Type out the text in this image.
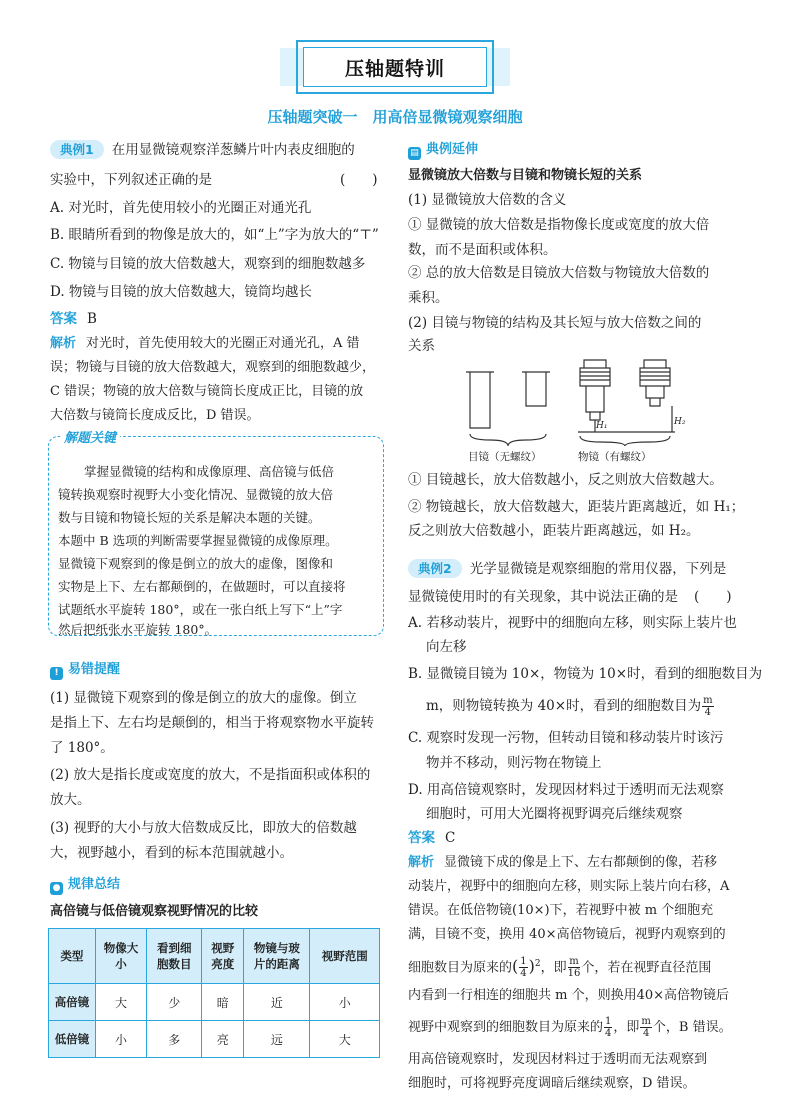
压轴题特训
压轴题突破一　用高倍显微镜观察细胞
典例1 在用显微镜观察洋葱鳞片叶内表皮细胞的
实验中，下列叙述正确的是	(　　)
A. 对光时，首先使用较小的光圈正对通光孔
B. 眼睛所看到的物像是放大的，如“上”字为放大的“⊤”
C. 物镜与目镜的放大倍数越大，观察到的细胞数越多
D. 物镜与目镜的放大倍数越大，镜筒均越长
答案 B
解析 对光时，首先使用较大的光圈正对通光孔，A 错
误；物镜与目镜的放大倍数越大，观察到的细胞数越少，
C 错误；物镜的放大倍数与镜筒长度成正比，目镜的放
大倍数与镜筒长度成反比，D 错误。
解题关键
掌握显微镜的结构和成像原理、高倍镜与低倍
镜转换观察时视野大小变化情况、显微镜的放大倍
数与目镜和物镜长短的关系是解决本题的关键。
本题中 B 选项的判断需要掌握显微镜的成像原理。
显微镜下观察到的像是倒立的放大的虚像，图像和
实物是上下、左右都颠倒的，在做题时，可以直接将
试题纸水平旋转 180°，或在一张白纸上写下“上”字
然后把纸张水平旋转 180°。
! 易错提醒
(1) 显微镜下观察到的像是倒立的放大的虚像。倒立
是指上下、左右均是颠倒的，相当于将观察物水平旋转
了 180°。
(2) 放大是指长度或宽度的放大，不是指面积或体积的
放大。
(3) 视野的大小与放大倍数成反比，即放大的倍数越
大，视野越小，看到的标本范围就越小。
● 规律总结
高倍镜与低倍镜观察视野情况的比较
类型	物像大小	看到细胞数目	视野亮度	物镜与玻片的距离	视野范围
高倍镜	大	少	暗	近	小
低倍镜	小	多	亮	远	大
▤ 典例延伸
显微镜放大倍数与目镜和物镜长短的关系
(1) 显微镜放大倍数的含义
① 显微镜的放大倍数是指物像长度或宽度的放大倍
数，而不是面积或体积。
② 总的放大倍数是目镜放大倍数与物镜放大倍数的
乘积。
(2) 目镜与物镜的结构及其长短与放大倍数之间的
关系
H₁	H₂
目镜（无螺纹）	物镜（有螺纹）
① 目镜越长，放大倍数越小，反之则放大倍数越大。
② 物镜越长，放大倍数越大，距装片距离越近，如 H₁；
反之则放大倍数越小，距装片距离越远，如 H₂。
典例2 光学显微镜是观察细胞的常用仪器，下列是
显微镜使用时的有关现象，其中说法正确的是 (　　)
A. 若移动装片，视野中的细胞向左移，则实际上装片也
向左移
B. 显微镜目镜为 10×，物镜为 10×时，看到的细胞数目为
m，则物镜转换为 40×时，看到的细胞数目为 $\frac{m}{4}$
C. 观察时发现一污物，但转动目镜和移动装片时该污
物并不移动，则污物在物镜上
D. 用高倍镜观察时，发现因材料过于透明而无法观察
细胞时，可用大光圈将视野调亮后继续观察
答案 C
解析 显微镜下成的像是上下、左右都颠倒的像，若移
动装片，视野中的细胞向左移，则实际上装片向右移，A
错误。在低倍物镜(10×)下，若视野中被 m 个细胞充
满，目镜不变，换用 40×高倍物镜后，视野内观察到的
细胞数目为原来的( $\frac{1}{4} )^2$，即 $\frac{m}{16}$ 个，若在视野直径范围
内看到一行相连的细胞共 m 个，则换用40×高倍物镜后
视野中观察到的细胞数目为原来的 $\frac{1}{4}$ ，即 $\frac{m}{4}$ 个，B 错误。
用高倍镜观察时，发现因材料过于透明而无法观察到
细胞时，可将视野亮度调暗后继续观察，D 错误。
